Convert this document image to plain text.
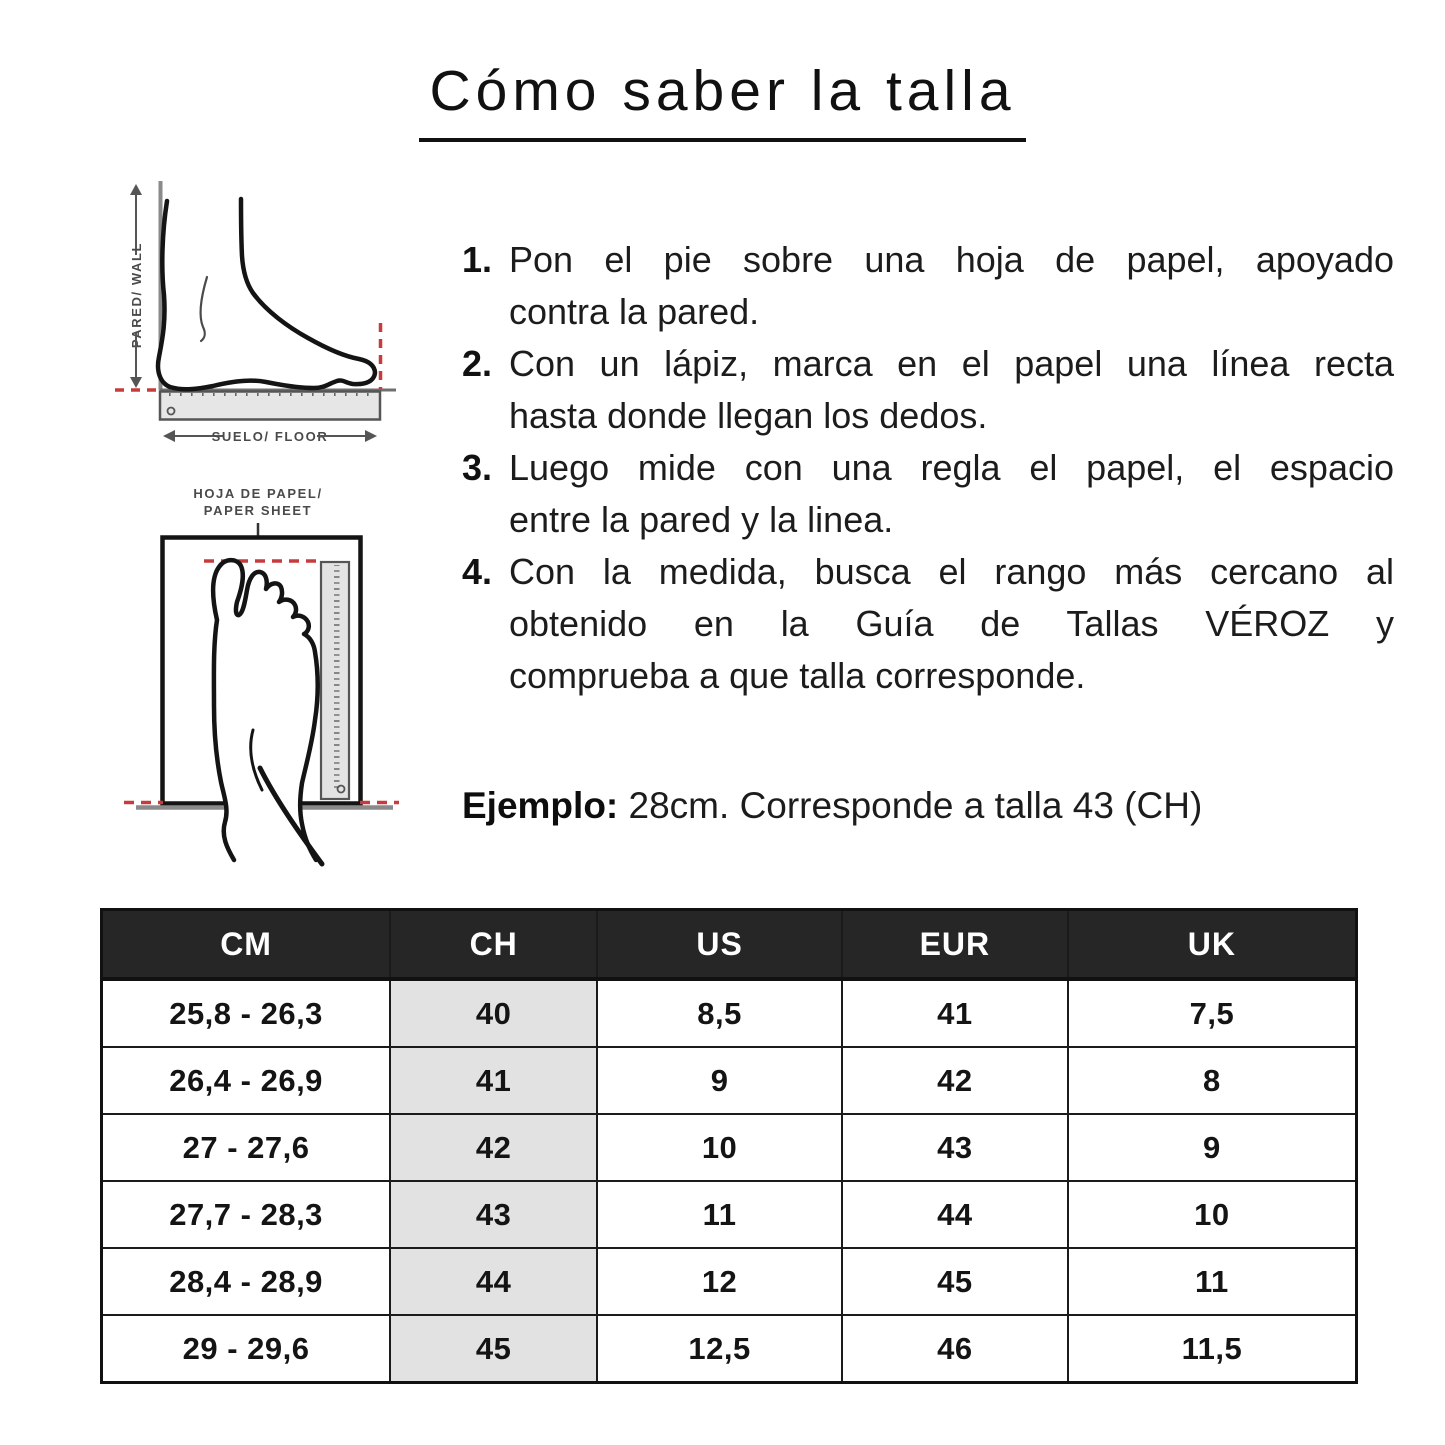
Cómo saber la talla
PARED/ WALL
SUELO/ FLOOR
HOJA DE PAPEL/
PAPER SHEET
1. Pon el pie sobre una hoja de papel, apoyado
contra la pared.
2. Con un lápiz, marca en el papel una línea recta
hasta donde llegan los dedos.
3. Luego mide con una regla el papel, el espacio
entre la pared y la linea.
4. Con la medida, busca el rango más cercano al
obtenido en la Guía de Tallas VÉROZ y
comprueba a que talla corresponde.

Ejemplo: 28cm. Corresponde a talla 43 (CH)

CM	CH	US	EUR	UK
25,8 - 26,3	40	8,5	41	7,5
26,4 - 26,9	41	9	42	8
27 - 27,6	42	10	43	9
27,7 - 28,3	43	11	44	10
28,4 - 28,9	44	12	45	11
29 - 29,6	45	12,5	46	11,5
